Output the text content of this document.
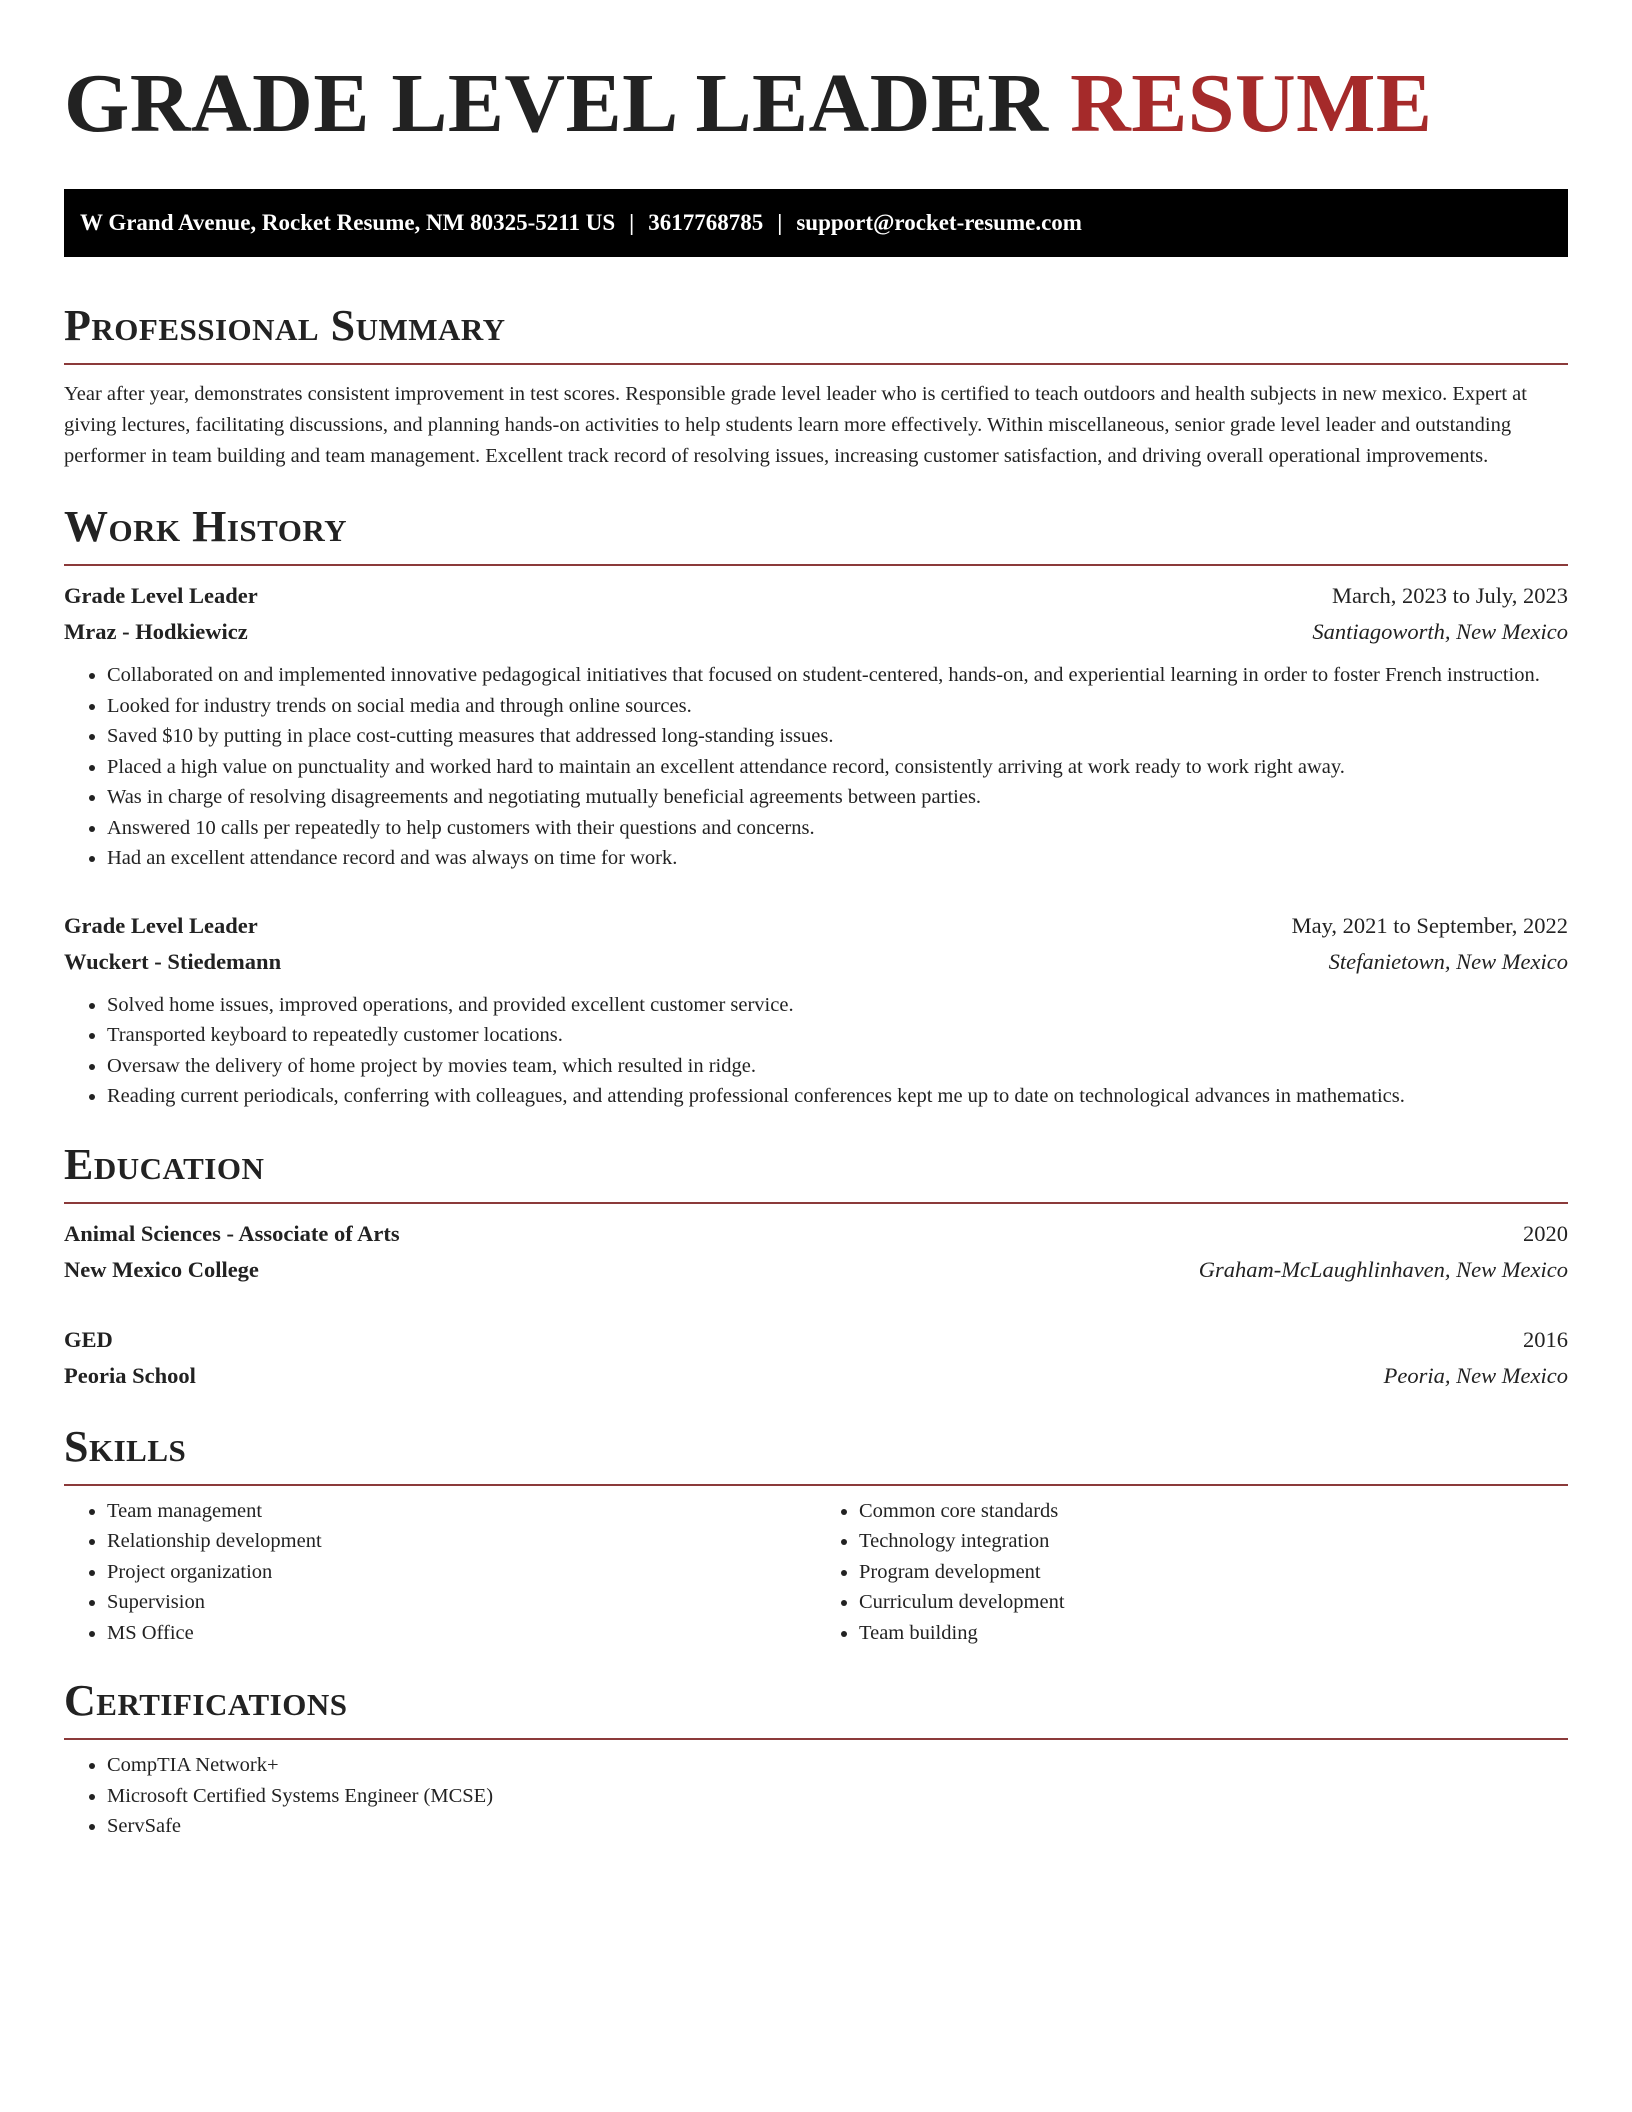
GRADE LEVEL LEADER RESUME
W Grand Avenue, Rocket Resume, NM 80325-5211 US | 3617768785 | support@rocket-resume.com
Professional Summary

Year after year, demonstrates consistent improvement in test scores. Responsible grade level leader who is certified to teach outdoors and health subjects in new mexico. Expert at giving lectures, facilitating discussions, and planning hands-on activities to help students learn more effectively. Within miscellaneous, senior grade level leader and outstanding performer in team building and team management. Excellent track record of resolving issues, increasing customer satisfaction, and driving overall operational improvements.

Work History
Grade Level Leader	March, 2023 to July, 2023
Mraz - Hodkiewicz	Santiagoworth, New Mexico
• Collaborated on and implemented innovative pedagogical initiatives that focused on student-centered, hands-on, and experiential learning in order to foster French instruction.
• Looked for industry trends on social media and through online sources.
• Saved $10 by putting in place cost-cutting measures that addressed long-standing issues.
• Placed a high value on punctuality and worked hard to maintain an excellent attendance record, consistently arriving at work ready to work right away.
• Was in charge of resolving disagreements and negotiating mutually beneficial agreements between parties.
• Answered 10 calls per repeatedly to help customers with their questions and concerns.
• Had an excellent attendance record and was always on time for work.
Grade Level Leader	May, 2021 to September, 2022
Wuckert - Stiedemann	Stefanietown, New Mexico
• Solved home issues, improved operations, and provided excellent customer service.
• Transported keyboard to repeatedly customer locations.
• Oversaw the delivery of home project by movies team, which resulted in ridge.
• Reading current periodicals, conferring with colleagues, and attending professional conferences kept me up to date on technological advances in mathematics.
Education
Animal Sciences - Associate of Arts	2020
New Mexico College	Graham-McLaughlinhaven, New Mexico
GED	2016
Peoria School	Peoria, New Mexico
Skills
• Team management
• Relationship development
• Project organization
• Supervision
• MS Office
• Common core standards
• Technology integration
• Program development
• Curriculum development
• Team building
Certifications
• CompTIA Network+
• Microsoft Certified Systems Engineer (MCSE)
• ServSafe
